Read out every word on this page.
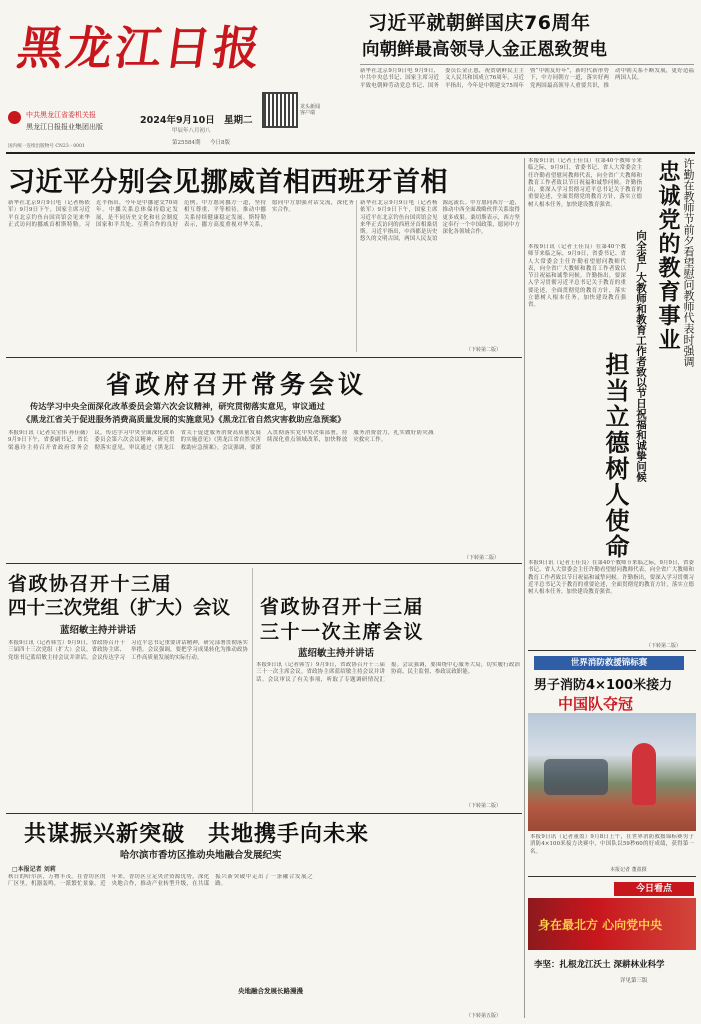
黑龙江日报
中共黑龙江省委机关报
黑龙江日报报业集团出版
2024年9月10日 星期二
甲辰年八月初八
第25584期 今日8版
龙头新闻客户端
国内统一连续出版物号 CN23 - 0001
习近平就朝鲜国庆76周年
向朝鲜最高领导人金正恩致贺电
新华社北京9月9日电 9月9日，中共中央总书记、国家主席习近平致电朝鲜劳动党总书记、国务委员长金正恩，祝贺朝鲜民主主义人民共和国成立76周年。习近平指出，今年是中朝建交75周年暨“中朝友好年”，新时代新形势下，中方同朝方一道，落实好两党两国最高领导人重要共识，推动中朝关系不断发展，更好造福两国人民。
习近平分别会见挪威首相西班牙首相
新华社北京9月9日电（记者杨依军）9月9日下午，国家主席习近平在北京钓鱼台国宾馆会见来华正式访问的挪威首相斯特勒。习近平指出，今年是中挪建交70周年。中挪关系总体保持稳定发展，是不同历史文化和社会制度国家和平共处、互利合作的良好范例。中方愿同挪方一道，坚持相互尊重、平等相待，推动中挪关系持续健康稳定发展。斯特勒表示，挪方高度重视对华关系，愿同中方加强对话交流，深化务实合作。
新华社北京9月9日电（记者杨依军）9月9日下午，国家主席习近平在北京钓鱼台国宾馆会见来华正式访问的西班牙首相桑切斯。习近平指出，中西都是历史悠久的文明古国，两国人民友谊源远流长。中方愿同西方一道，推动中西全面战略伙伴关系取得更多成果。桑切斯表示，西方坚定奉行一个中国政策，愿同中方深化各领域合作。
（下转第二版）
省政府召开常务会议
传达学习中央全面深化改革委员会第六次会议精神，研究贯彻落实意见，审议通过
《黑龙江省关于促进服务消费高质量发展的实施意见》《黑龙江省自然灾害救助应急预案》
本报9日讯（记者吴宝伟 孙佳薇）9月9日下午，省委副书记、省长梁惠玲主持召开省政府常务会议，传达学习中央全面深化改革委员会第六次会议精神，研究贯彻落实意见，审议通过《黑龙江省关于促进服务消费高质量发展的实施意见》《黑龙江省自然灾害救助应急预案》。会议强调，要深入贯彻落实党中央决策部署，持续深化重点领域改革，加快释放服务消费潜力，扎实做好防灾减灾救灾工作。
（下转第二版）
省政协召开十三届
四十三次党组（扩大）会议
蓝绍敏主持并讲话
本报9日讯（记者韩雪）9月9日，省政协召开十三届四十三次党组（扩大）会议。省政协主席、党组书记蓝绍敏主持会议并讲话。会议传达学习习近平总书记重要讲话精神，研究部署贯彻落实举措。会议强调，要把学习成果转化为推动政协工作高质量发展的实际行动。
省政协召开十三届
三十一次主席会议
蓝绍敏主持并讲话
本报9日讯（记者韩雪）9月9日，省政协召开十三届三十一次主席会议。省政协主席蓝绍敏主持会议并讲话。会议审议了有关事项，听取了专题调研情况汇报。会议强调，要围绕中心服务大局，切实履行政治协商、民主监督、参政议政职能。
（下转第二版）
共谋振兴新突破　共地携手向未来
哈尔滨市香坊区推动央地融合发展纪实
□本报记者 刘莉
秋日的哈尔滨，万物丰茂。在香坊区的厂区里，机器轰鸣，一派繁忙景象。近年来，香坊区立足央企资源优势，深化央地合作，推动产业转型升级，在共谋振兴新突破中走出了一条融合发展之路。
央地融合发展长路漫漫
（下转第五版）
本报9日讯（记者王佳良）在第40个教师节来临之际，9月9日，省委书记、省人大常委会主任许勤看望慰问教师代表，向全省广大教师和教育工作者致以节日祝福和诚挚问候。许勤指出，要深入学习贯彻习近平总书记关于教育的重要论述，全面贯彻党的教育方针，落实立德树人根本任务，加快建设教育强省。	许勤在教师节前夕看望慰问教师代表时强调
忠诚党的教育事业
向全省广大教师和教育工作者致以节日祝福和诚挚问候
担当立德树人使命
本报9日讯（记者王佳良）在第40个教师节来临之际，9月9日，省委书记、省人大常委会主任许勤看望慰问教师代表，向全省广大教师和教育工作者致以节日祝福和诚挚问候。许勤指出，要深入学习贯彻习近平总书记关于教育的重要论述，全面贯彻党的教育方针，落实立德树人根本任务，加快建设教育强省。
本报9日讯（记者王佳良）在第40个教师节来临之际，9月9日，省委书记、省人大常委会主任许勤看望慰问教师代表，向全省广大教师和教育工作者致以节日祝福和诚挚问候。许勤指出，要深入学习贯彻习近平总书记关于教育的重要论述，全面贯彻党的教育方针，落实立德树人根本任务，加快建设教育强省。
（下转第二版）
世界消防救援锦标赛
男子消防4×100米接力
中国队夺冠
本报9日讯（记者董盈）9月8日上午，在世界消防救援锦标赛男子消防4×100米接力决赛中，中国队以59秒60的好成绩，获得第一名。
本报记者 董盈摄
今日看点
身在最北方 心向党中央
李坚：扎根龙江沃土 深耕林业科学
详见第三版
